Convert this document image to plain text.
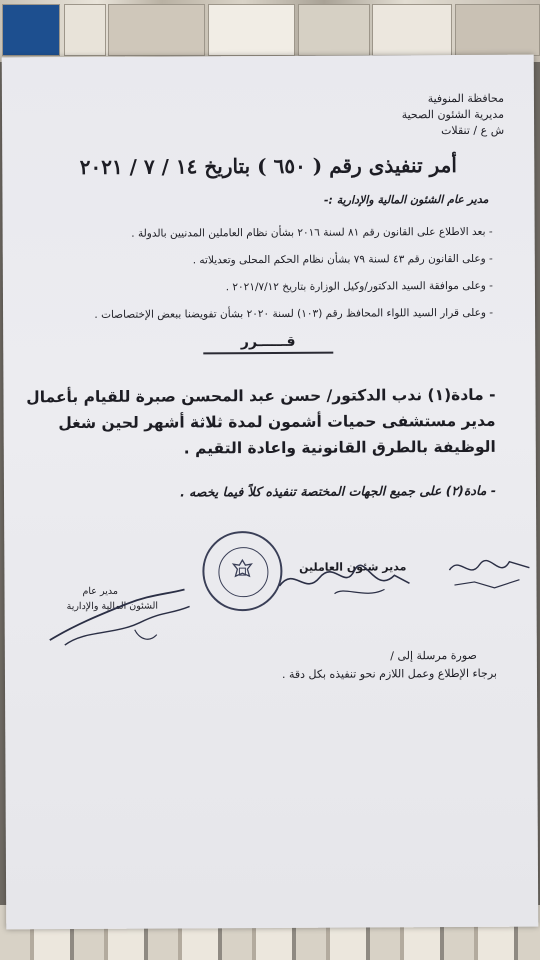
محافظة المنوفية
مديرية الشئون الصحية
ش ع / تنقلات
أمر تنفيذى رقم ( ٦٥٠ ) بتاريخ ١٤ / ٧ / ٢٠٢١
مدير عام الشئون المالية والإدارية :-
- بعد الاطلاع على القانون رقم ٨١ لسنة ٢٠١٦ بشأن نظام العاملين المدنيين بالدولة .
- وعلى القانون رقم ٤٣ لسنة ٧٩ بشأن نظام الحكم المحلى وتعديلاته .
- وعلى موافقة السيد الدكتور/وكيل الوزارة بتاريخ ٢٠٢١/٧/١٢ .
- وعلى قرار السيد اللواء المحافظ رقم (١٠٣) لسنة ٢٠٢٠ بشأن تفويضنا ببعض الإختصاصات .
قــــــرر
- مادة(١) ندب الدكتور/ حسن عبد المحسن صبرة للقيام بأعمال
مدير مستشفى حميات أشمون لمدة ثلاثة أشهر لحين شغل
الوظيفة بالطرق القانونية واعادة التقيم .
- مادة(٢) على جميع الجهات المختصة تنفيذه كلاً فيما يخصه .
مدير شئون العاملين
مدير عام
الشئون المالية والإدارية
صورة مرسلة إلى /
برجاء الإطلاع وعمل اللازم نحو تنفيذه بكل دقة .
